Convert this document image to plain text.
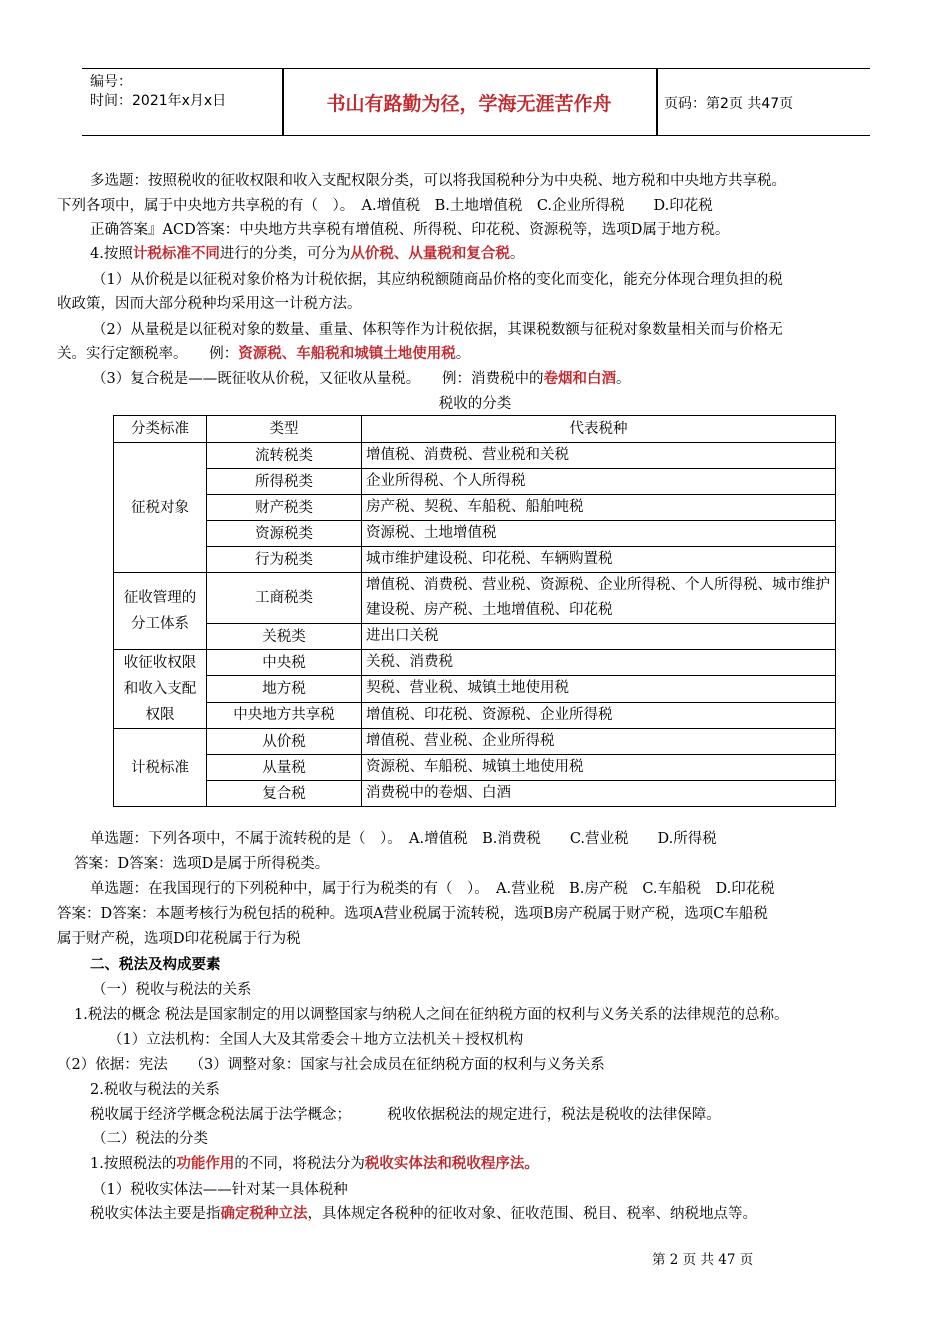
编号：
时间：2021年x月x日	书山有路勤为径，学海无涯苦作舟	页码：第2页 共47页
多选题：按照税收的征收权限和收入支配权限分类，可以将我国税种分为中央税、地方税和中央地方共享税。
下列各项中，属于中央地方共享税的有（　）。　A.增值税　B.土地增值税　C.企业所得税　　D.印花税
正确答案』ACD答案：中央地方共享税有增值税、所得税、印花税、资源税等，选项D属于地方税。
4.按照计税标准不同进行的分类，可分为从价税、从量税和复合税。
（1）从价税是以征税对象价格为计税依据，其应纳税额随商品价格的变化而变化，能充分体现合理负担的税
收政策，因而大部分税种均采用这一计税方法。
（2）从量税是以征税对象的数量、重量、体积等作为计税依据，其课税数额与征税对象数量相关而与价格无
关。实行定额税率。　　例：资源税、车船税和城镇土地使用税。
（3）复合税是——既征收从价税，又征收从量税。　　例：消费税中的卷烟和白酒。
税收的分类
分类标准	类型	代表税种
征税对象	流转税类	增值税、消费税、营业税和关税

	所得税类	企业所得税、个人所得税

	财产税类	房产税、契税、车船税、船舶吨税

	资源税类	资源税、土地增值税

	行为税类	城市维护建设税、印花税、车辆购置税

征收管理的分工体系	工商税类	增值税、消费税、营业税、资源税、企业所得税、个人所得税、城市维护建设税、房产税、土地增值税、印花税

	关税类	进出口关税

收征收权限和收入支配权限	中央税	关税、消费税

	地方税	契税、营业税、城镇土地使用税

	中央地方共享税	增值税、印花税、资源税、企业所得税

计税标准	从价税	增值税、营业税、企业所得税

	从量税	资源税、车船税、城镇土地使用税

	复合税	消费税中的卷烟、白酒
单选题：下列各项中，不属于流转税的是（　）。　A.增值税　B.消费税　　C.营业税　　D.所得税
答案：D答案：选项D是属于所得税类。
单选题：在我国现行的下列税种中，属于行为税类的有（　）。　A.营业税　B.房产税　C.车船税　D.印花税
答案：D答案：本题考核行为税包括的税种。选项A营业税属于流转税，选项B房产税属于财产税，选项C车船税
属于财产税，选项D印花税属于行为税
二、税法及构成要素
（一）税收与税法的关系
1.税法的概念 税法是国家制定的用以调整国家与纳税人之间在征纳税方面的权利与义务关系的法律规范的总称。
（1）立法机构：全国人大及其常委会＋地方立法机关＋授权机构
（2）依据：宪法　　（3）调整对象：国家与社会成员在征纳税方面的权利与义务关系
2.税收与税法的关系
税收属于经济学概念税法属于法学概念；　　　税收依据税法的规定进行，税法是税收的法律保障。
（二）税法的分类
1.按照税法的功能作用的不同，将税法分为税收实体法和税收程序法。
（1）税收实体法——针对某一具体税种
税收实体法主要是指确定税种立法，具体规定各税种的征收对象、征收范围、税目、税率、纳税地点等。
第 2 页 共 47 页
